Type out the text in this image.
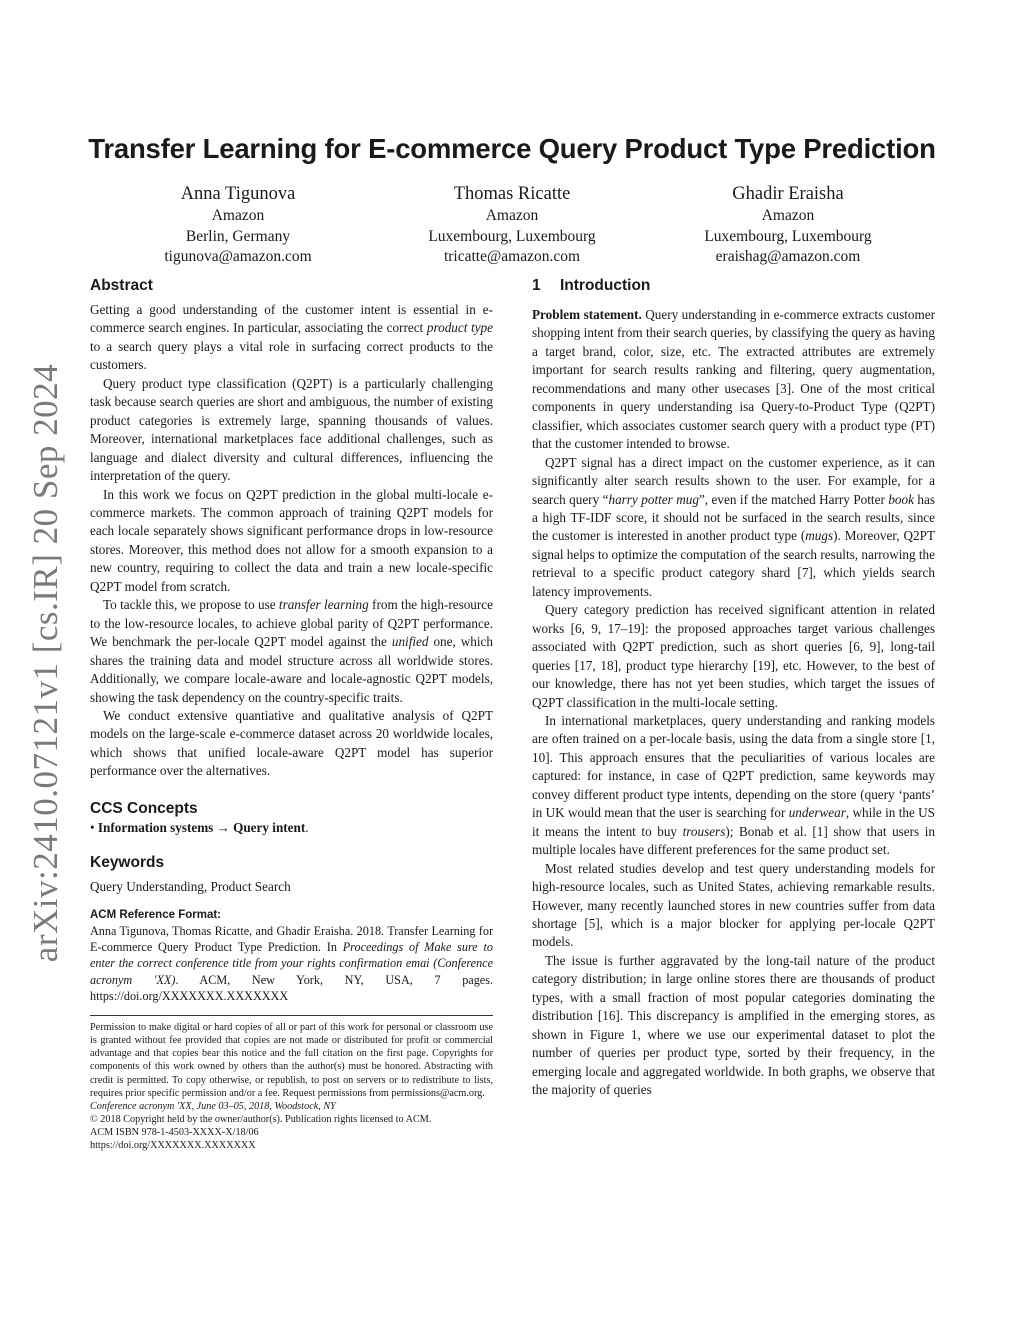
arXiv:2410.07121v1 [cs.IR] 20 Sep 2024
Transfer Learning for E-commerce Query Product Type Prediction
Anna Tigunova
Amazon
Berlin, Germany
tigunova@amazon.com
Thomas Ricatte
Amazon
Luxembourg, Luxembourg
tricatte@amazon.com
Ghadir Eraisha
Amazon
Luxembourg, Luxembourg
eraishag@amazon.com
Abstract

Getting a good understanding of the customer intent is essential in e-commerce search engines. In particular, associating the correct product type to a search query plays a vital role in surfacing correct products to the customers.

Query product type classification (Q2PT) is a particularly challenging task because search queries are short and ambiguous, the number of existing product categories is extremely large, spanning thousands of values. Moreover, international marketplaces face additional challenges, such as language and dialect diversity and cultural differences, influencing the interpretation of the query.

In this work we focus on Q2PT prediction in the global multi-locale e-commerce markets. The common approach of training Q2PT models for each locale separately shows significant performance drops in low-resource stores. Moreover, this method does not allow for a smooth expansion to a new country, requiring to collect the data and train a new locale-specific Q2PT model from scratch.

To tackle this, we propose to use transfer learning from the high-resource to the low-resource locales, to achieve global parity of Q2PT performance. We benchmark the per-locale Q2PT model against the unified one, which shares the training data and model structure across all worldwide stores. Additionally, we compare locale-aware and locale-agnostic Q2PT models, showing the task dependency on the country-specific traits.

We conduct extensive quantiative and qualitative analysis of Q2PT models on the large-scale e-commerce dataset across 20 worldwide locales, which shows that unified locale-aware Q2PT model has superior performance over the alternatives.

CCS Concepts

• Information systems → Query intent.

Keywords

Query Understanding, Product Search

ACM Reference Format:

Anna Tigunova, Thomas Ricatte, and Ghadir Eraisha. 2018. Transfer Learning for E-commerce Query Product Type Prediction. In Proceedings of Make sure to enter the correct conference title from your rights confirmation emai (Conference acronym 'XX). ACM, New York, NY, USA, 7 pages. https://doi.org/XXXXXXX.XXXXXXX

Permission to make digital or hard copies of all or part of this work for personal or classroom use is granted without fee provided that copies are not made or distributed for profit or commercial advantage and that copies bear this notice and the full citation on the first page. Copyrights for components of this work owned by others than the author(s) must be honored. Abstracting with credit is permitted. To copy otherwise, or republish, to post on servers or to redistribute to lists, requires prior specific permission and/or a fee. Request permissions from permissions@acm.org.

Conference acronym 'XX, June 03–05, 2018, Woodstock, NY

© 2018 Copyright held by the owner/author(s). Publication rights licensed to ACM.

ACM ISBN 978-1-4503-XXXX-X/18/06

https://doi.org/XXXXXXX.XXXXXXX

1 Introduction

Problem statement. Query understanding in e-commerce extracts customer shopping intent from their search queries, by classifying the query as having a target brand, color, size, etc. The extracted attributes are extremely important for search results ranking and filtering, query augmentation, recommendations and many other usecases [3]. One of the most critical components in query understanding isa Query-to-Product Type (Q2PT) classifier, which associates customer search query with a product type (PT) that the customer intended to browse.

Q2PT signal has a direct impact on the customer experience, as it can significantly alter search results shown to the user. For example, for a search query “harry potter mug”, even if the matched Harry Potter book has a high TF-IDF score, it should not be surfaced in the search results, since the customer is interested in another product type (mugs). Moreover, Q2PT signal helps to optimize the computation of the search results, narrowing the retrieval to a specific product category shard [7], which yields search latency improvements.

Query category prediction has received significant attention in related works [6, 9, 17–19]: the proposed approaches target various challenges associated with Q2PT prediction, such as short queries [6, 9], long-tail queries [17, 18], product type hierarchy [19], etc. However, to the best of our knowledge, there has not yet been studies, which target the issues of Q2PT classification in the multi-locale setting.

In international marketplaces, query understanding and ranking models are often trained on a per-locale basis, using the data from a single store [1, 10]. This approach ensures that the peculiarities of various locales are captured: for instance, in case of Q2PT prediction, same keywords may convey different product type intents, depending on the store (query ‘pants’ in UK would mean that the user is searching for underwear, while in the US it means the intent to buy trousers); Bonab et al. [1] show that users in multiple locales have different preferences for the same product set.

Most related studies develop and test query understanding models for high-resource locales, such as United States, achieving remarkable results. However, many recently launched stores in new countries suffer from data shortage [5], which is a major blocker for applying per-locale Q2PT models.

The issue is further aggravated by the long-tail nature of the product category distribution; in large online stores there are thousands of product types, with a small fraction of most popular categories dominating the distribution [16]. This discrepancy is amplified in the emerging stores, as shown in Figure 1, where we use our experimental dataset to plot the number of queries per product type, sorted by their frequency, in the emerging locale and aggregated worldwide. In both graphs, we observe that the majority of queries
